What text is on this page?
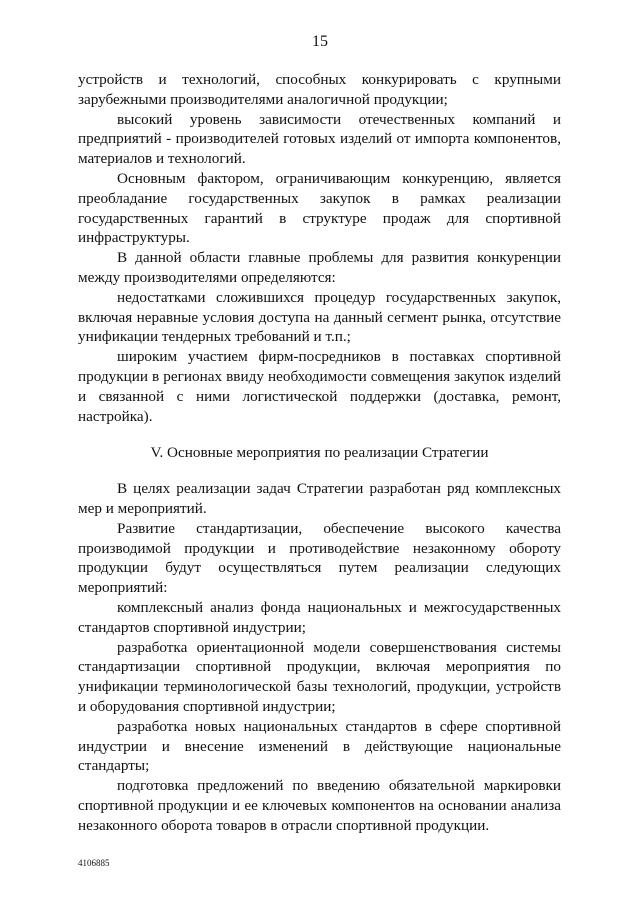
15

устройств и технологий, способных конкурировать с крупными зарубежными производителями аналогичной продукции;

высокий уровень зависимости отечественных компаний и предприятий - производителей готовых изделий от импорта компонентов, материалов и технологий.

Основным фактором, ограничивающим конкуренцию, является преобладание государственных закупок в рамках реализации государственных гарантий в структуре продаж для спортивной инфраструктуры.

В данной области главные проблемы для развития конкуренции между производителями определяются:

недостатками сложившихся процедур государственных закупок, включая неравные условия доступа на данный сегмент рынка, отсутствие унификации тендерных требований и т.п.;

широким участием фирм-посредников в поставках спортивной продукции в регионах ввиду необходимости совмещения закупок изделий и связанной с ними логистической поддержки (доставка, ремонт, настройка).

V. Основные мероприятия по реализации Стратегии

В целях реализации задач Стратегии разработан ряд комплексных мер и мероприятий.

Развитие стандартизации, обеспечение высокого качества производимой продукции и противодействие незаконному обороту продукции будут осуществляться путем реализации следующих мероприятий:

комплексный анализ фонда национальных и межгосударственных стандартов спортивной индустрии;

разработка ориентационной модели совершенствования системы стандартизации спортивной продукции, включая мероприятия по унификации терминологической базы технологий, продукции, устройств и оборудования спортивной индустрии;

разработка новых национальных стандартов в сфере спортивной индустрии и внесение изменений в действующие национальные стандарты;

подготовка предложений по введению обязательной маркировки спортивной продукции и ее ключевых компонентов на основании анализа незаконного оборота товаров в отрасли спортивной продукции.

4106885
